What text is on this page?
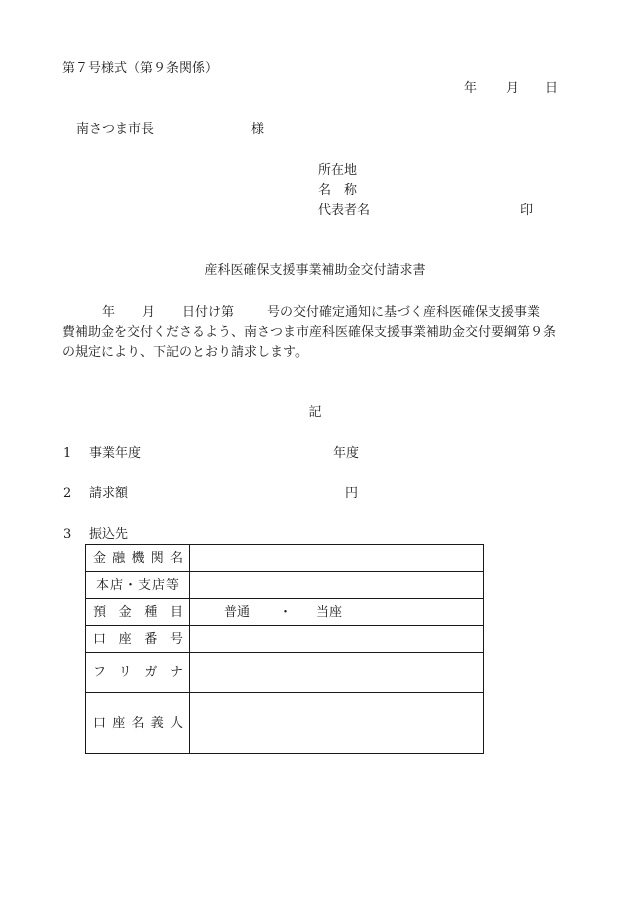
第７号様式（第９条関係）
年 月 日
南さつま市長	様
所在地
名 称
代表者名	印
産科医確保支援事業補助金交付請求書
年 月 日付け第	号の交付確定通知に基づく産科医確保支援事業
費補助金を交付くださるよう、南さつま市産科医確保支援事業補助金交付要綱第９条
の規定により、下記のとおり請求します。
記
1 事業年度	年度
2 請求額	円
3 振込先
金 融 機 関 名	

本店・支店等	

預 金 種 目	普通 ・ 当座

口 座 番 号	

フ リ ガ ナ	

口 座 名 義 人	
